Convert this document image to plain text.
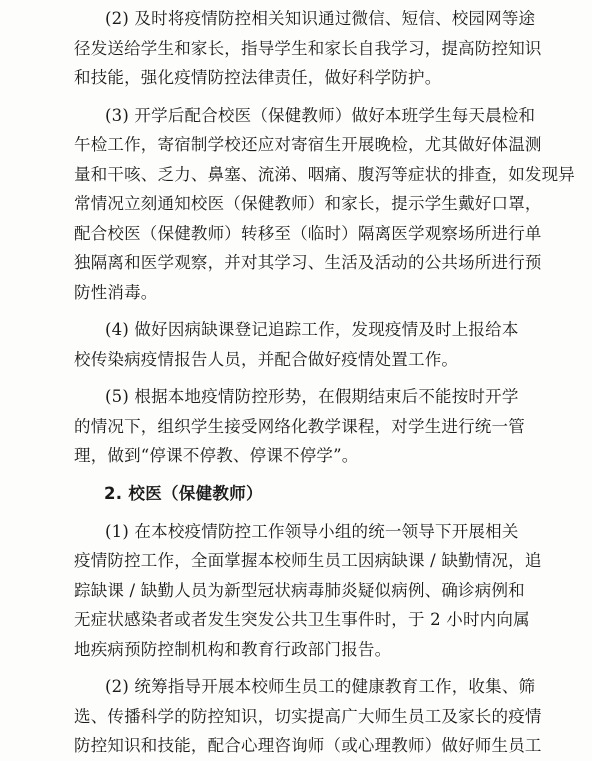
(2) 及时将疫情防控相关知识通过微信、短信、校园网等途
径发送给学生和家长，指导学生和家长自我学习，提高防控知识
和技能，强化疫情防控法律责任，做好科学防护。

(3) 开学后配合校医（保健教师）做好本班学生每天晨检和
午检工作，寄宿制学校还应对寄宿生开展晚检，尤其做好体温测
量和干咳、乏力、鼻塞、流涕、咽痛、腹泻等症状的排查，如发现异
常情况立刻通知校医（保健教师）和家长，提示学生戴好口罩，
配合校医（保健教师）转移至（临时）隔离医学观察场所进行单
独隔离和医学观察，并对其学习、生活及活动的公共场所进行预
防性消毒。

(4) 做好因病缺课登记追踪工作，发现疫情及时上报给本
校传染病疫情报告人员，并配合做好疫情处置工作。

(5) 根据本地疫情防控形势，在假期结束后不能按时开学
的情况下，组织学生接受网络化教学课程，对学生进行统一管
理，做到“停课不停教、停课不停学”。

2. 校医（保健教师）

(1) 在本校疫情防控工作领导小组的统一领导下开展相关
疫情防控工作，全面掌握本校师生员工因病缺课 / 缺勤情况，追
踪缺课 / 缺勤人员为新型冠状病毒肺炎疑似病例、确诊病例和
无症状感染者或者发生突发公共卫生事件时，于 2 小时内向属
地疾病预防控制机构和教育行政部门报告。

(2) 统筹指导开展本校师生员工的健康教育工作，收集、筛
选、传播科学的防控知识，切实提高广大师生员工及家长的疫情
防控知识和技能，配合心理咨询师（或心理教师）做好师生员工
